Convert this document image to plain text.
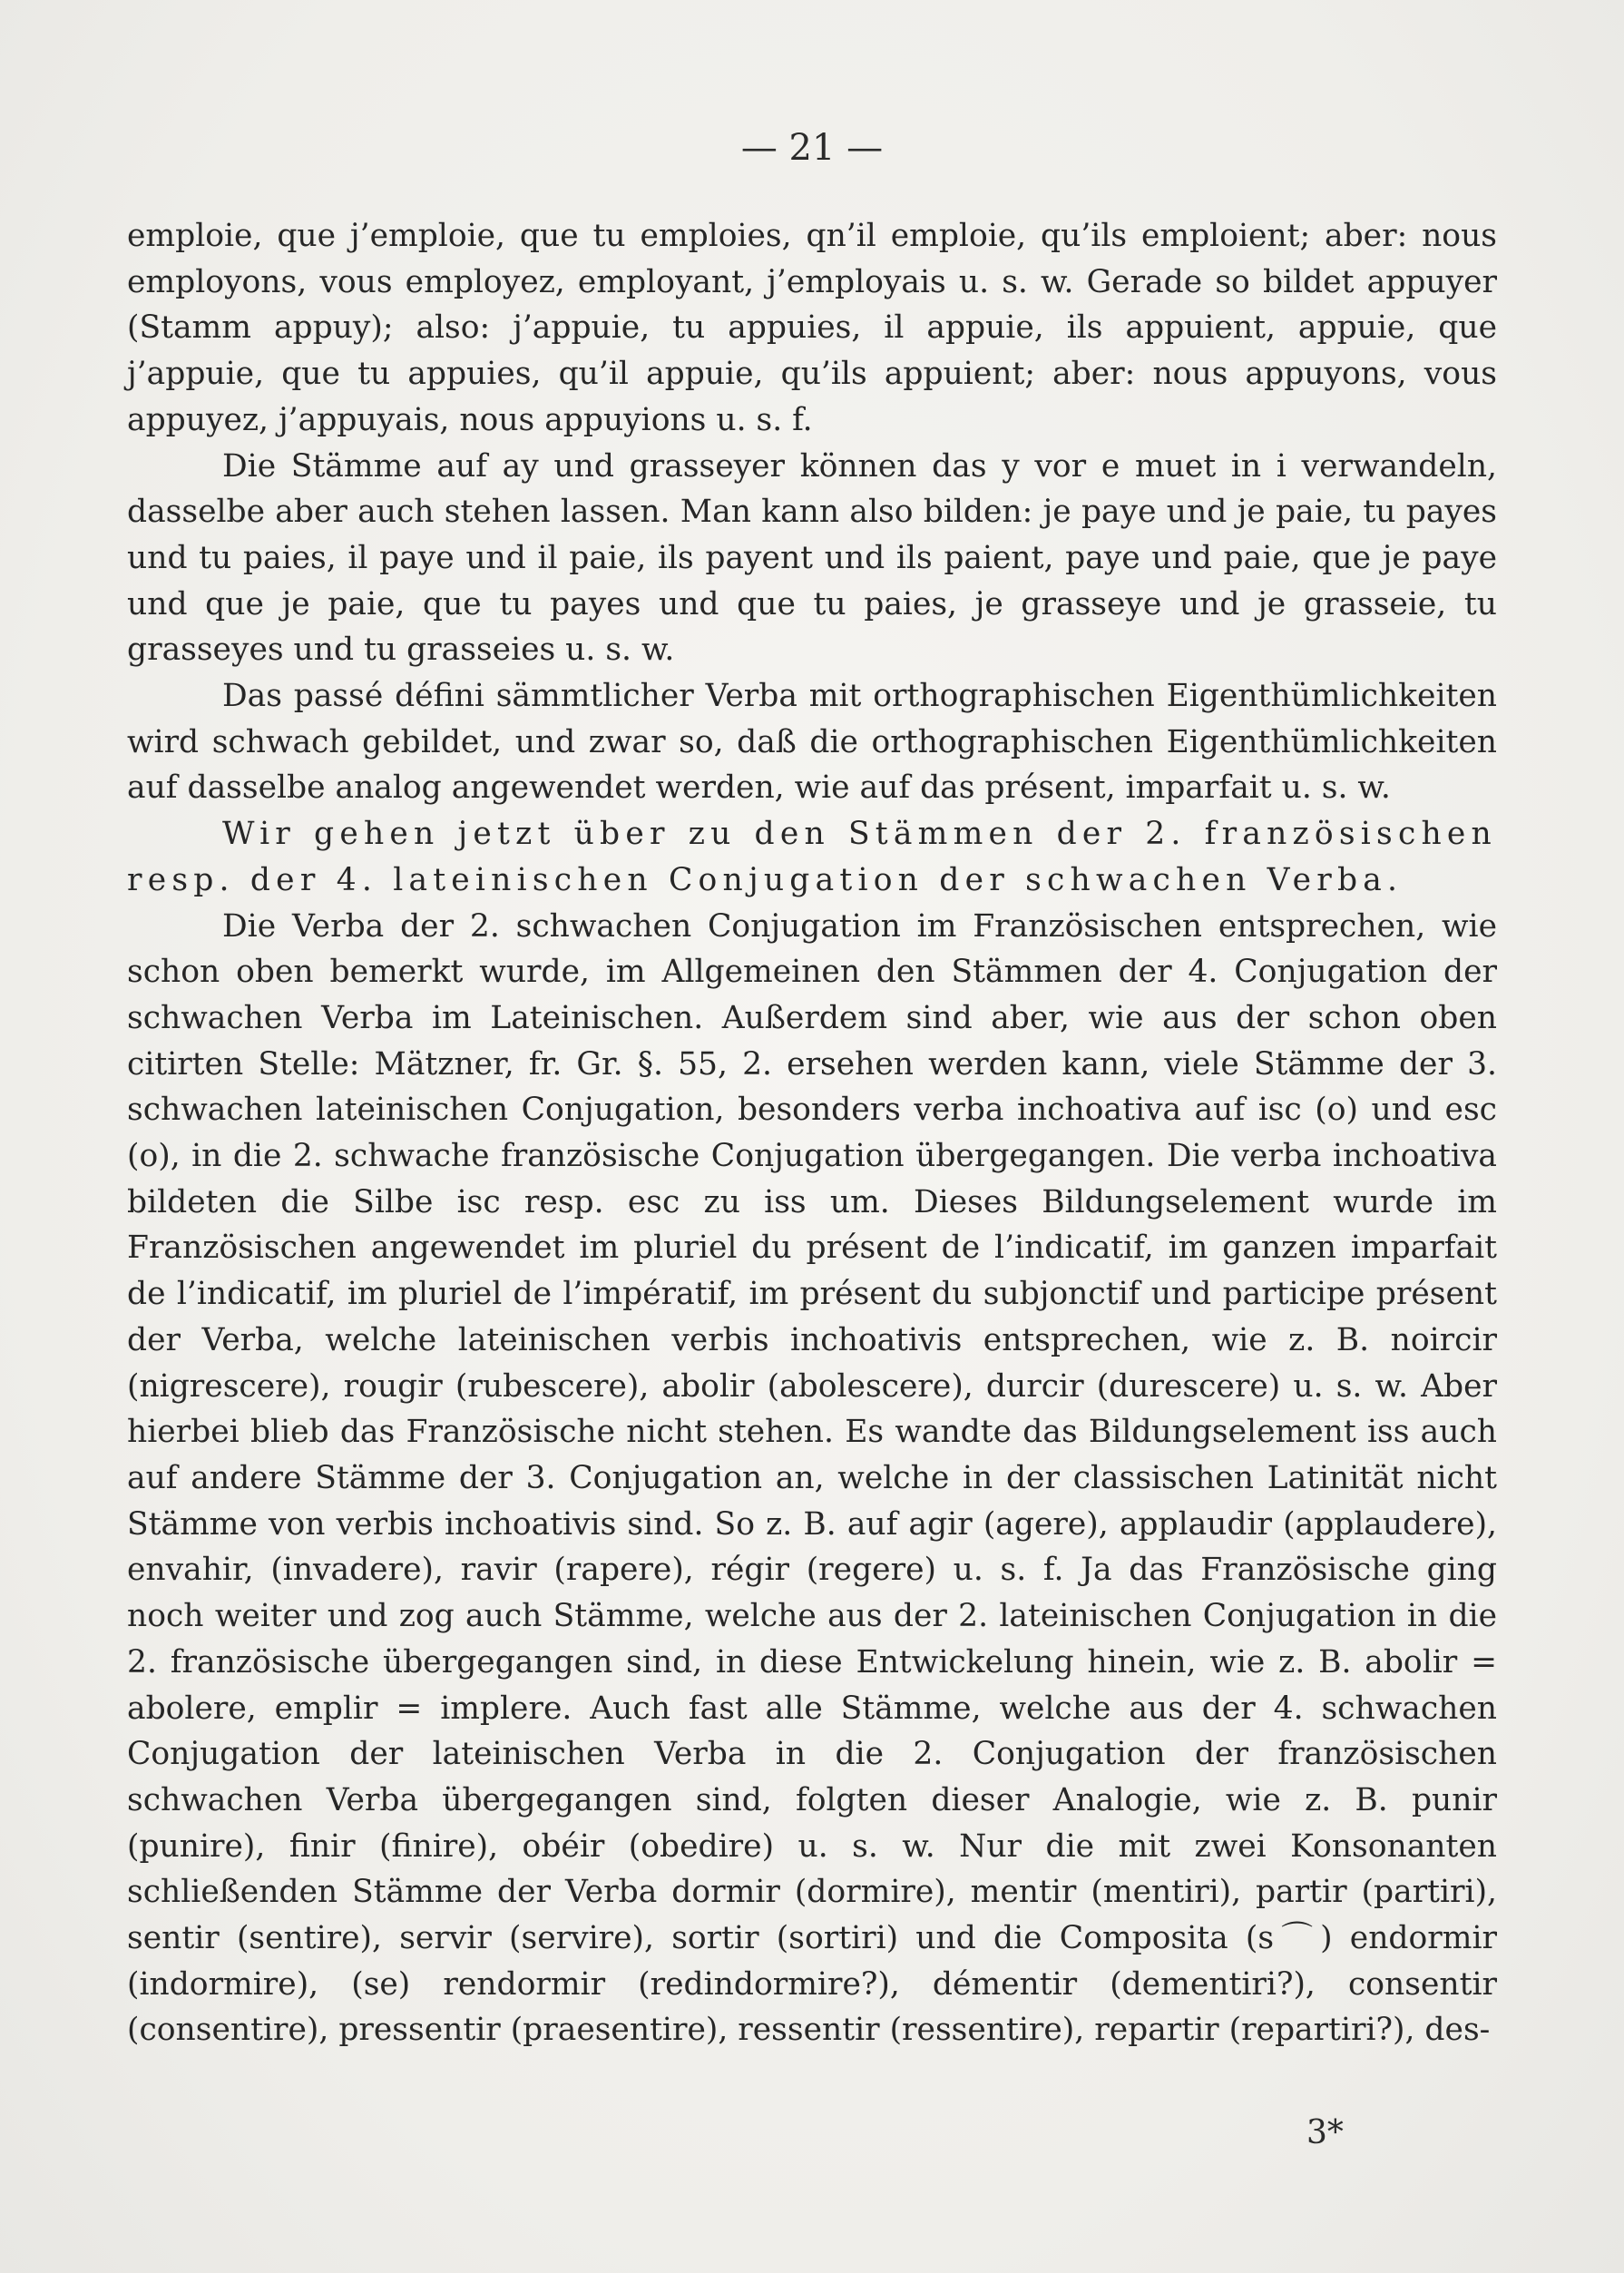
— 21 —

emploie, que j’emploie, que tu emploies, qn’il emploie, qu’ils emploient; aber: nous employons, vous employez, employant, j’employais u. s. w. Gerade so bildet appuyer (Stamm appuy); also: j’appuie, tu appuies, il appuie, ils appuient, appuie, que j’appuie, que tu appuies, qu’il appuie, qu’ils appuient; aber: nous appuyons, vous appuyez, j’appuyais, nous appuyions u. s. f.

Die Stämme auf ay und grasseyer können das y vor e muet in i verwandeln, dasselbe aber auch stehen lassen. Man kann also bilden: je paye und je paie, tu payes und tu paies, il paye und il paie, ils payent und ils paient, paye und paie, que je paye und que je paie, que tu payes und que tu paies, je grasseye und je grasseie, tu grasseyes und tu grasseies u. s. w.

Das passé défini sämmtlicher Verba mit orthographischen Eigenthümlichkeiten wird schwach gebildet, und zwar so, daß die orthographischen Eigenthümlichkeiten auf dasselbe analog angewendet werden, wie auf das présent, imparfait u. s. w.

Wir gehen jetzt über zu den Stämmen der 2. französischen resp. der 4. lateinischen Conjugation der schwachen Verba.

Die Verba der 2. schwachen Conjugation im Französischen entsprechen, wie schon oben bemerkt wurde, im Allgemeinen den Stämmen der 4. Conjugation der schwachen Verba im Lateinischen. Außerdem sind aber, wie aus der schon oben citirten Stelle: Mätzner, fr. Gr. §. 55, 2. ersehen werden kann, viele Stämme der 3. schwachen lateinischen Conjugation, besonders verba inchoativa auf isc (o) und esc (o), in die 2. schwache französische Conjugation übergegangen. Die verba inchoativa bildeten die Silbe isc resp. esc zu iss um. Dieses Bildungselement wurde im Französischen angewendet im pluriel du présent de l’indicatif, im ganzen imparfait de l’indicatif, im pluriel de l’impératif, im présent du subjonctif und participe présent der Verba, welche lateinischen verbis inchoativis entsprechen, wie z. B. noircir (nigrescere), rougir (rubescere), abolir (abolescere), durcir (durescere) u. s. w. Aber hierbei blieb das Französische nicht stehen. Es wandte das Bildungselement iss auch auf andere Stämme der 3. Conjugation an, welche in der classischen Latinität nicht Stämme von verbis inchoativis sind. So z. B. auf agir (agere), applaudir (applaudere), envahir, (invadere), ravir (rapere), régir (regere) u. s. f. Ja das Französische ging noch weiter und zog auch Stämme, welche aus der 2. lateinischen Conjugation in die 2. französische übergegangen sind, in diese Entwickelung hinein, wie z. B. abolir = abolere, emplir = implere. Auch fast alle Stämme, welche aus der 4. schwachen Conjugation der lateinischen Verba in die 2. Conjugation der französischen schwachen Verba übergegangen sind, folgten dieser Analogie, wie z. B. punir (punire), finir (finire), obéir (obedire) u. s. w. Nur die mit zwei Konsonanten schließenden Stämme der Verba dormir (dormire), mentir (mentiri), partir (partiri), sentir (sentire), servir (servire), sortir (sortiri) und die Composita (s⌒) endormir (indormire), (se) rendormir (redindormire?), démentir (dementiri?), consentir (consentire), pressentir (praesentire), ressentir (ressentire), repartir (repartiri?), des-

3*
